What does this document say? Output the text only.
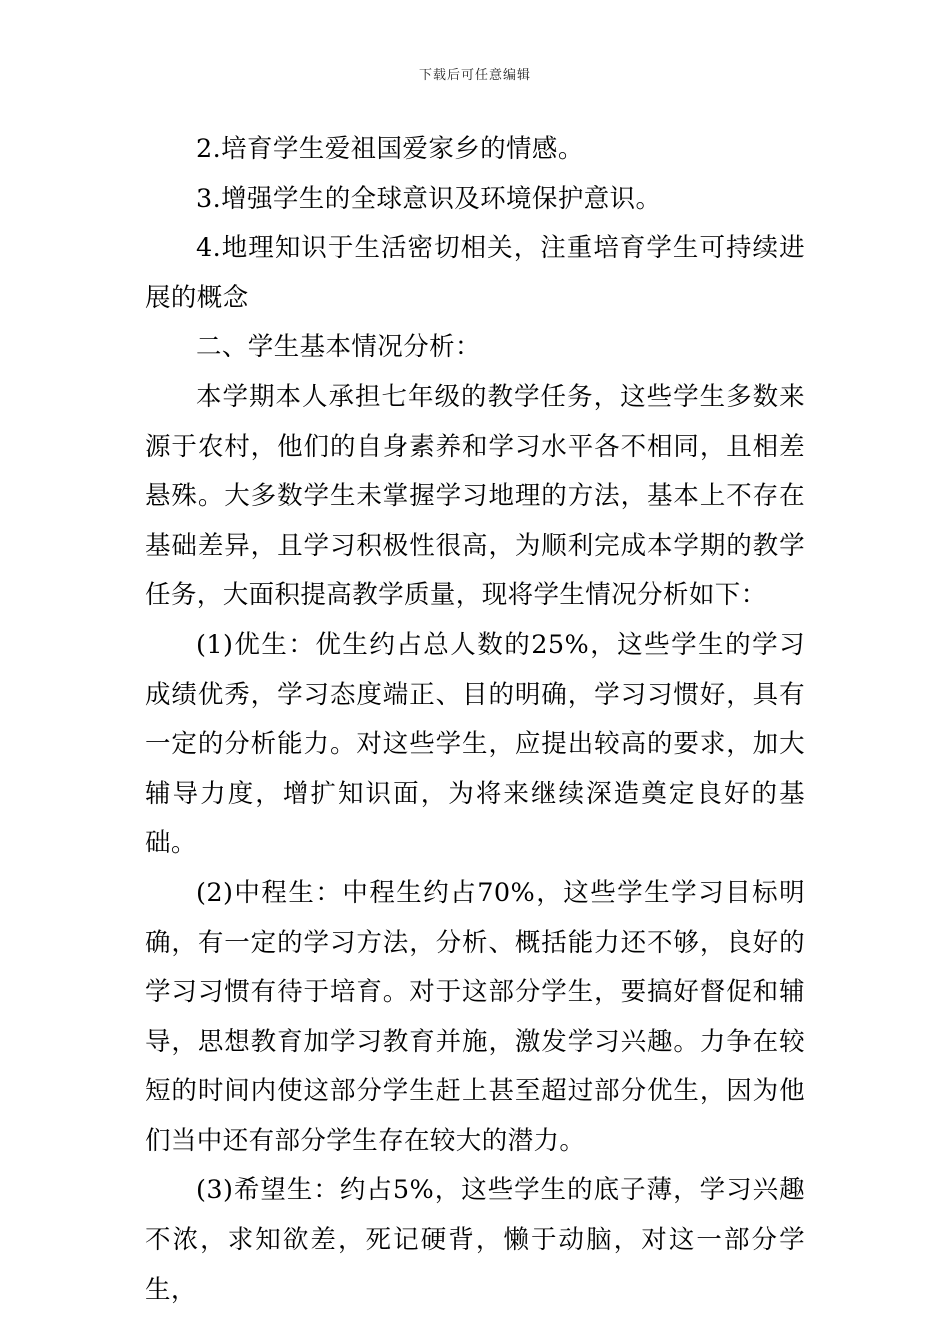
下载后可任意编辑

2.培育学生爱祖国爱家乡的情感。

3.增强学生的全球意识及环境保护意识。

4.地理知识于生活密切相关，注重培育学生可持续进展的概念

二、学生基本情况分析：

本学期本人承担七年级的教学任务，这些学生多数来源于农村，他们的自身素养和学习水平各不相同，且相差悬殊。大多数学生未掌握学习地理的方法，基本上不存在基础差异，且学习积极性很高，为顺利完成本学期的教学任务，大面积提高教学质量，现将学生情况分析如下：

(1)优生：优生约占总人数的25%，这些学生的学习成绩优秀，学习态度端正、目的明确，学习习惯好，具有一定的分析能力。对这些学生，应提出较高的要求，加大辅导力度，增扩知识面，为将来继续深造奠定良好的基础。

(2)中程生：中程生约占70%，这些学生学习目标明确，有一定的学习方法，分析、概括能力还不够，良好的学习习惯有待于培育。对于这部分学生，要搞好督促和辅导，思想教育加学习教育并施，激发学习兴趣。力争在较短的时间内使这部分学生赶上甚至超过部分优生，因为他们当中还有部分学生存在较大的潜力。

(3)希望生：约占5%，这些学生的底子薄，学习兴趣不浓，求知欲差，死记硬背，懒于动脑，对这一部分学生，
